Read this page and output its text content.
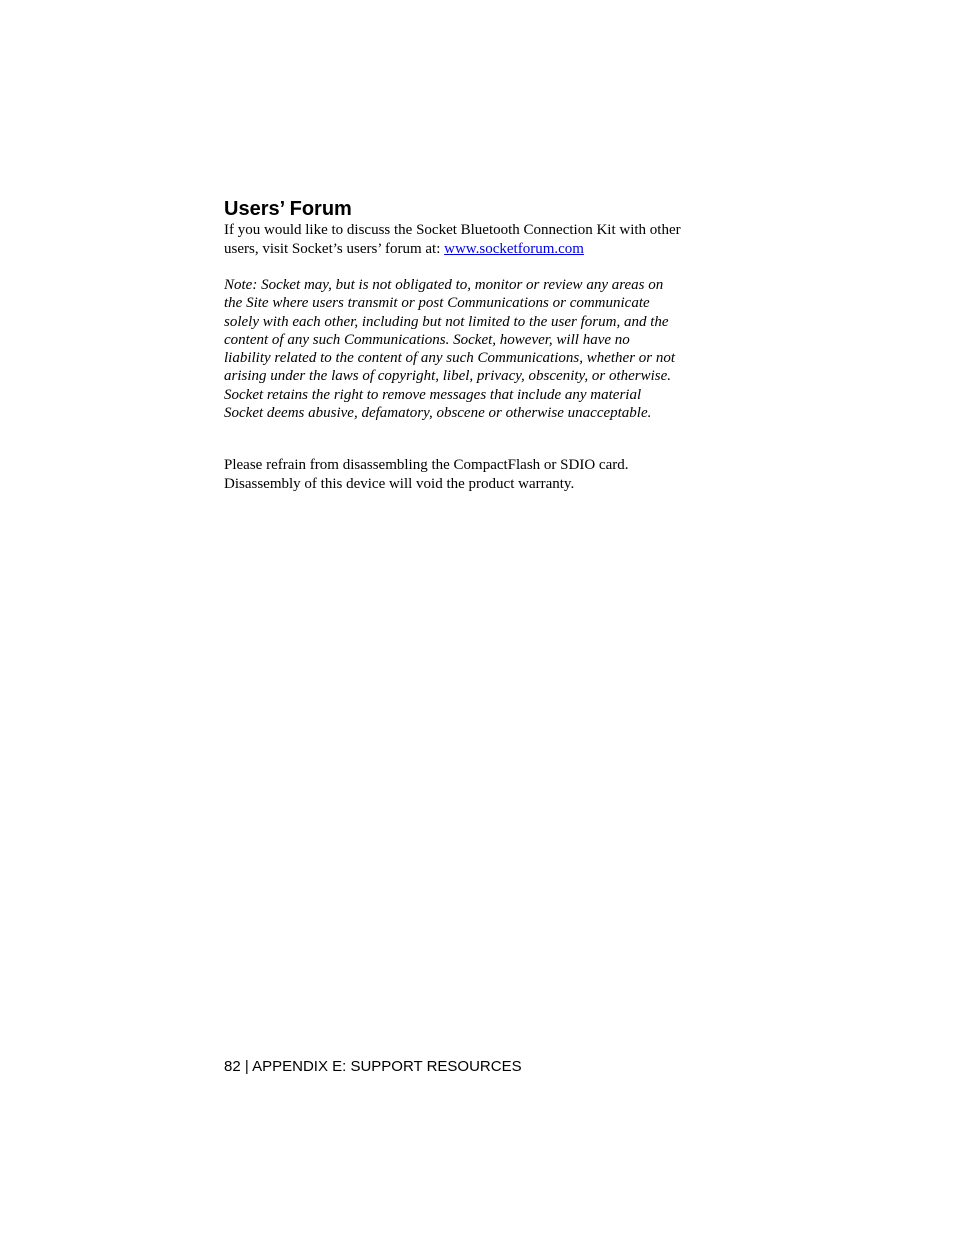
Users’ Forum

If you would like to discuss the Socket Bluetooth Connection Kit with other
users, visit Socket’s users’ forum at: www.socketforum.com

Note: Socket may, but is not obligated to, monitor or review any areas on
the Site where users transmit or post Communications or communicate
solely with each other, including but not limited to the user forum, and the
content of any such Communications. Socket, however, will have no
liability related to the content of any such Communications, whether or not
arising under the laws of copyright, libel, privacy, obscenity, or otherwise.
Socket retains the right to remove messages that include any material
Socket deems abusive, defamatory, obscene or otherwise unacceptable.

Please refrain from disassembling the CompactFlash or SDIO card.
Disassembly of this device will void the product warranty.

82 | APPENDIX E: SUPPORT RESOURCES
